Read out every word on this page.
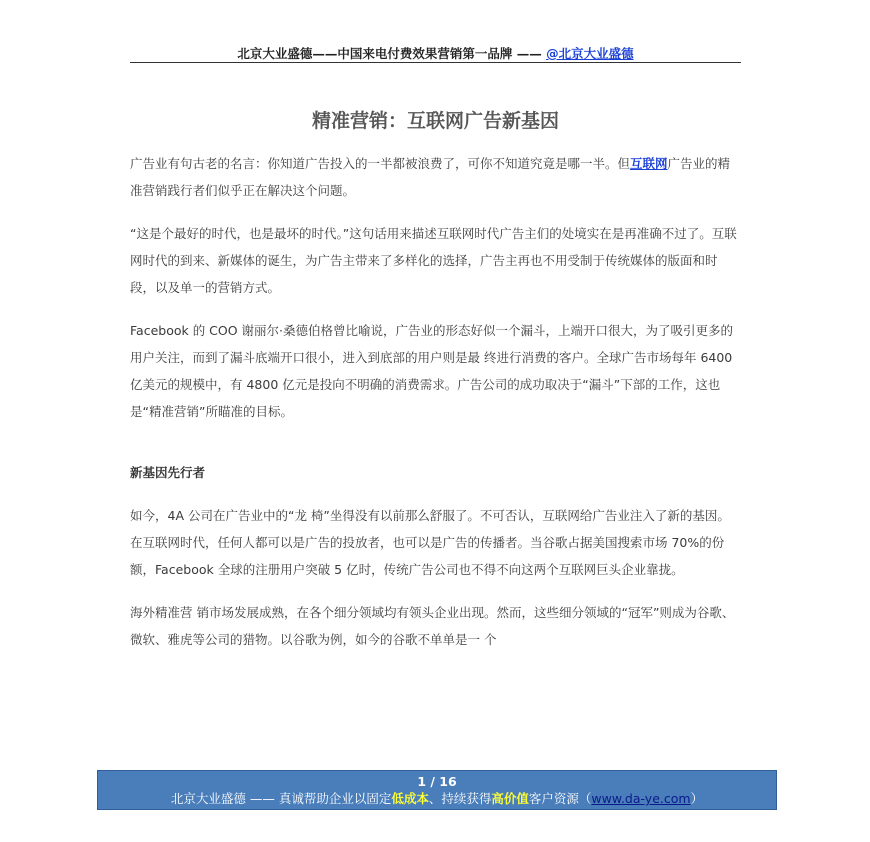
北京大业盛德——中国来电付费效果营销第一品牌 —— @北京大业盛德
精准营销：互联网广告新基因

广告业有句古老的名言：你知道广告投入的一半都被浪费了，可你不知道究竟是哪一半。但互联网广告业的精准营销践行者们似乎正在解决这个问题。

“这是个最好的时代，也是最坏的时代。”这句话用来描述互联网时代广告主们的处境实在是再准确不过了。互联网时代的到来、新媒体的诞生，为广告主带来了多样化的选择，广告主再也不用受制于传统媒体的版面和时段，以及单一的营销方式。

Facebook 的 COO 谢丽尔·桑德伯格曾比喻说，广告业的形态好似一个漏斗，上端开口很大，为了吸引更多的用户关注，而到了漏斗底端开口很小，进入到底部的用户则是最 终进行消费的客户。全球广告市场每年 6400 亿美元的规模中，有 4800 亿元是投向不明确的消费需求。广告公司的成功取决于“漏斗”下部的工作，这也是“精准营销”所瞄准的目标。

新基因先行者

如今，4A 公司在广告业中的“龙 椅”坐得没有以前那么舒服了。不可否认，互联网给广告业注入了新的基因。在互联网时代，任何人都可以是广告的投放者，也可以是广告的传播者。当谷歌占据美国搜索市场 70%的份额，Facebook 全球的注册用户突破 5 亿时，传统广告公司也不得不向这两个互联网巨头企业靠拢。

海外精准营 销市场发展成熟，在各个细分领域均有领头企业出现。然而，这些细分领域的“冠军”则成为谷歌、微软、雅虎等公司的猎物。以谷歌为例，如今的谷歌不单单是一 个

1 / 16
北京大业盛德 —— 真诚帮助企业以固定低成本、持续获得高价值客户资源（www.da-ye.com）
